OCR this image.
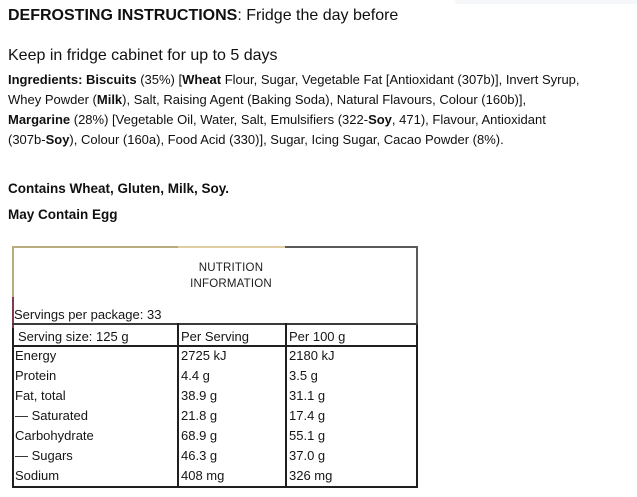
DEFROSTING INSTRUCTIONS: Fridge the day before
Keep in fridge cabinet for up to 5 days
Ingredients: Biscuits (35%) [Wheat Flour, Sugar, Vegetable Fat [Antioxidant (307b)], Invert Syrup,
Whey Powder (Milk), Salt, Raising Agent (Baking Soda), Natural Flavours, Colour (160b)],
Margarine (28%) [Vegetable Oil, Water, Salt, Emulsifiers (322-Soy, 471), Flavour, Antioxidant
(307b-Soy), Colour (160a), Food Acid (330)], Sugar, Icing Sugar, Cacao Powder (8%).
Contains Wheat, Gluten, Milk, Soy.
May Contain Egg
NUTRITION
INFORMATION
Servings per package: 33
Serving size: 125 g	Per Serving	Per 100 g
Energy	2725 kJ	2180 kJ
Protein	4.4 g	3.5 g
Fat, total	38.9 g	31.1 g
— Saturated	21.8 g	17.4 g
Carbohydrate	68.9 g	55.1 g
— Sugars	46.3 g	37.0 g
Sodium	408 mg	326 mg
